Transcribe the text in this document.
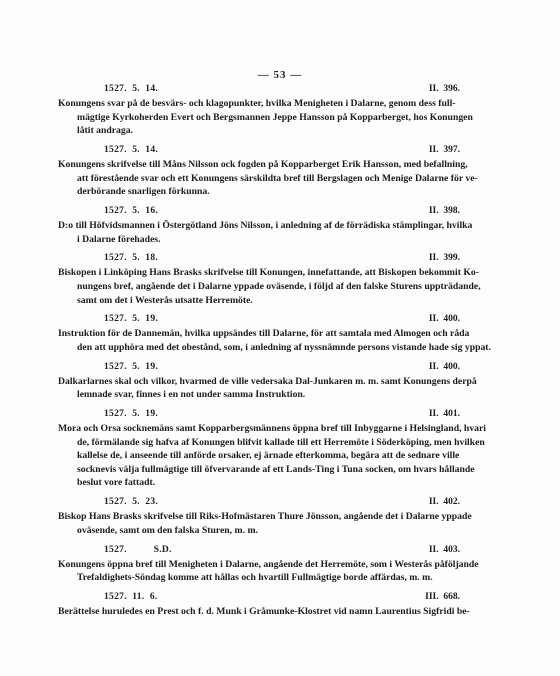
— 53 —
1527.  5.  14.	II.  396.
Konungens svar på de besvärs- och klagopunkter, hvilka Menigheten i Dalarne, genom dess full-
mägtige Kyrkoherden Evert och Bergsmannen Jeppe Hansson på Kopparberget, hos Konungen
låtit andraga.
1527.  5.  14.	II.  397.
Konungens skrifvelse till Måns Nilsson ock fogden på Kopparberget Erik Hansson, med befallning,
att förestående svar och ett Konungens särskildta bref till Bergslagen och Menige Dalarne för ve-
derbörande snarligen förkunna.
1527.  5.  16.	II.  398.
D:o till Höfvidsmannen i Östergötland Jöns Nilsson, i anledning af de förrädiska stämplingar, hvilka
i Dalarne förehades.
1527.  5.  18.	II.  399.
Biskopen i Linköping Hans Brasks skrifvelse till Konungen, innefattande, att Biskopen bekommit Ko-
nungens bref, angående det i Dalarne yppade oväsende, i följd af den falske Sturens uppträdande,
samt om det i Westerås utsatte Herremöte.
1527.  5.  19.	II.  400.
Instruktion för de Dannemän, hvilka uppsändes till Dalarne, för att samtala med Almogen och råda
den att upphöra med det obestånd, som, i anledning af nyssnämnde persons vistande hade sig yppat.
1527.  5.  19.	II.  400.
Dalkarlarnes skal och vilkor, hvarmed de ville vedersaka Dal-Junkaren m. m. samt Konungens derpå
lemnade svar, finnes i en not under samma Instruktion.
1527.  5.  19.	II.  401.
Mora och Orsa socknemäns samt Kopparbergsmännens öppna bref till Inbyggarne i Helsingland, hvari
de, förmälande sig hafva af Konungen blifvit kallade till ett Herremöte i Söderköping, men hvilken
kallelse de, i anseende till anförde orsaker, ej ärnade efterkomma, begära att de sednare ville
socknevis välja fullmägtige till öfvervarande af ett Lands-Ting i Tuna socken, om hvars hållande
beslut vore fattadt.
1527.  5.  23.	II.  402.
Biskop Hans Brasks skrifvelse till Riks-Hofmästaren Thure Jönsson, angående det i Dalarne yppade
oväsende, samt om den falska Sturen, m. m.
1527.          S.D.	II.  403.
Konungens öppna bref till Menigheten i Dalarne, angående det Herremöte, som i Westerås påföljande
Trefaldighets-Söndag komme att hållas och hvartill Fullmägtige borde affärdas, m. m.
1527.  11.  6.	III.  668.
Berättelse huruledes en Prest och f. d. Munk i Gråmunke-Klostret vid namn Laurentius Sigfridi be-
